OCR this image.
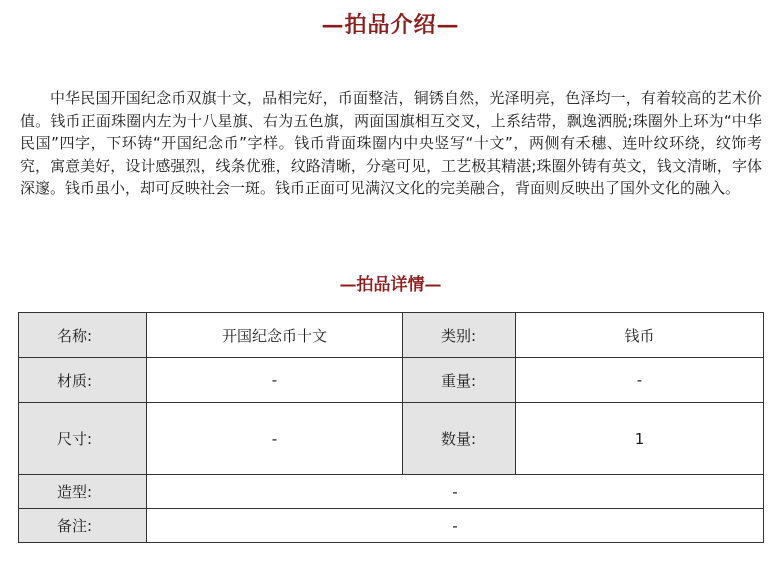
—拍品介绍—

中华民国开国纪念币双旗十文，品相完好，币面整洁，铜锈自然，光泽明亮，色泽均一，有着较高的艺术价值。钱币正面珠圈内左为十八星旗、右为五色旗，两面国旗相互交叉，上系结带，飘逸洒脱;珠圈外上环为“中华民国”四字，下环铸“开国纪念币”字样。钱币背面珠圈内中央竖写“十文”，两侧有禾穗、连叶纹环绕，纹饰考究，寓意美好，设计感强烈，线条优雅，纹路清晰，分毫可见，工艺极其精湛;珠圈外铸有英文，钱文清晰，字体深邃。钱币虽小，却可反映社会一斑。钱币正面可见满汉文化的完美融合，背面则反映出了国外文化的融入。

—拍品详情—
名称:	开国纪念币十文	类别:	钱币
材质:	-	重量:	-
尺寸:	-	数量:	1
造型:	-		
备注:	-		
